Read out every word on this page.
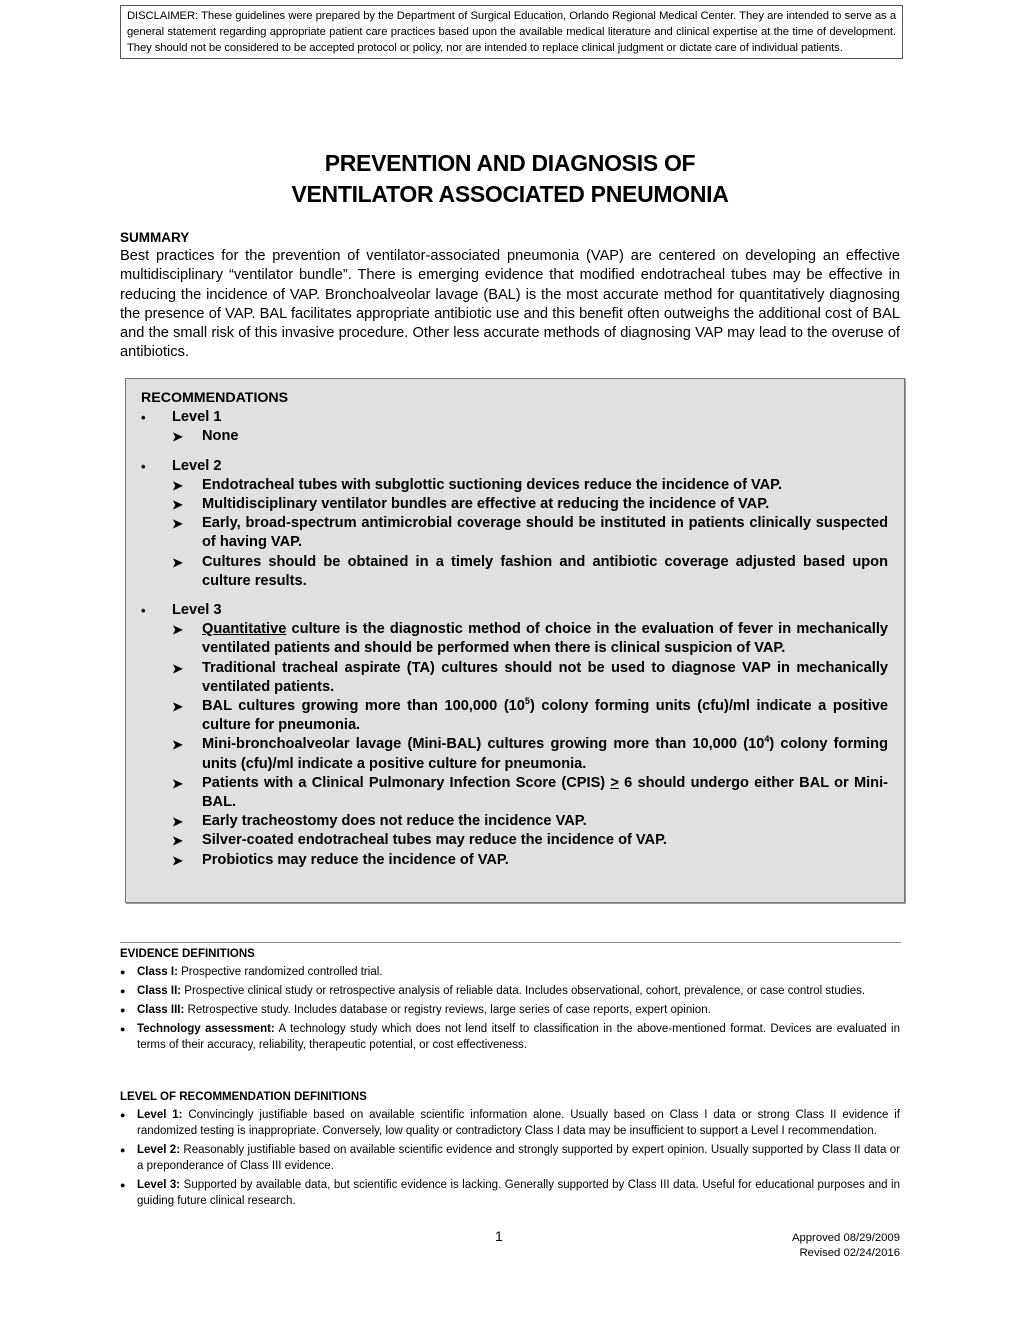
DISCLAIMER: These guidelines were prepared by the Department of Surgical Education, Orlando Regional Medical Center. They are intended to serve as a general statement regarding appropriate patient care practices based upon the available medical literature and clinical expertise at the time of development. They should not be considered to be accepted protocol or policy, nor are intended to replace clinical judgment or dictate care of individual patients.
PREVENTION AND DIAGNOSIS OF
VENTILATOR ASSOCIATED PNEUMONIA
SUMMARY

Best practices for the prevention of ventilator-associated pneumonia (VAP) are centered on developing an effective multidisciplinary “ventilator bundle”. There is emerging evidence that modified endotracheal tubes may be effective in reducing the incidence of VAP. Bronchoalveolar lavage (BAL) is the most accurate method for quantitatively diagnosing the presence of VAP. BAL facilitates appropriate antibiotic use and this benefit often outweighs the additional cost of BAL and the small risk of this invasive procedure. Other less accurate methods of diagnosing VAP may lead to the overuse of antibiotics.

RECOMMENDATIONS
• Level 1
➤ None
• Level 2
➤ Endotracheal tubes with subglottic suctioning devices reduce the incidence of VAP.
➤ Multidisciplinary ventilator bundles are effective at reducing the incidence of VAP.
➤ Early, broad-spectrum antimicrobial coverage should be instituted in patients clinically suspected of having VAP.
➤ Cultures should be obtained in a timely fashion and antibiotic coverage adjusted based upon culture results.
• Level 3
➤ Quantitative culture is the diagnostic method of choice in the evaluation of fever in mechanically ventilated patients and should be performed when there is clinical suspicion of VAP.
➤ Traditional tracheal aspirate (TA) cultures should not be used to diagnose VAP in mechanically ventilated patients.
➤ BAL cultures growing more than 100,000 $(10^5)$ colony forming units (cfu)/ml indicate a positive culture for pneumonia.
➤ Mini-bronchoalveolar lavage (Mini-BAL) cultures growing more than 10,000 $(10^4)$ colony forming units (cfu)/ml indicate a positive culture for pneumonia.
➤ Patients with a Clinical Pulmonary Infection Score (CPIS) > 6 should undergo either BAL or Mini-BAL.
➤ Early tracheostomy does not reduce the incidence VAP.
➤ Silver-coated endotracheal tubes may reduce the incidence of VAP.
➤ Probiotics may reduce the incidence of VAP.
EVIDENCE DEFINITIONS
● Class I: Prospective randomized controlled trial.
● Class II: Prospective clinical study or retrospective analysis of reliable data. Includes observational, cohort, prevalence, or case control studies.
● Class III: Retrospective study. Includes database or registry reviews, large series of case reports, expert opinion.
● Technology assessment: A technology study which does not lend itself to classification in the above-mentioned format. Devices are evaluated in terms of their accuracy, reliability, therapeutic potential, or cost effectiveness.
LEVEL OF RECOMMENDATION DEFINITIONS
● Level 1: Convincingly justifiable based on available scientific information alone. Usually based on Class I data or strong Class II evidence if randomized testing is inappropriate. Conversely, low quality or contradictory Class I data may be insufficient to support a Level I recommendation.
● Level 2: Reasonably justifiable based on available scientific evidence and strongly supported by expert opinion. Usually supported by Class II data or a preponderance of Class III evidence.
● Level 3: Supported by available data, but scientific evidence is lacking. Generally supported by Class III data. Useful for educational purposes and in guiding future clinical research.
1	Approved 08/29/2009
Revised 02/24/2016
